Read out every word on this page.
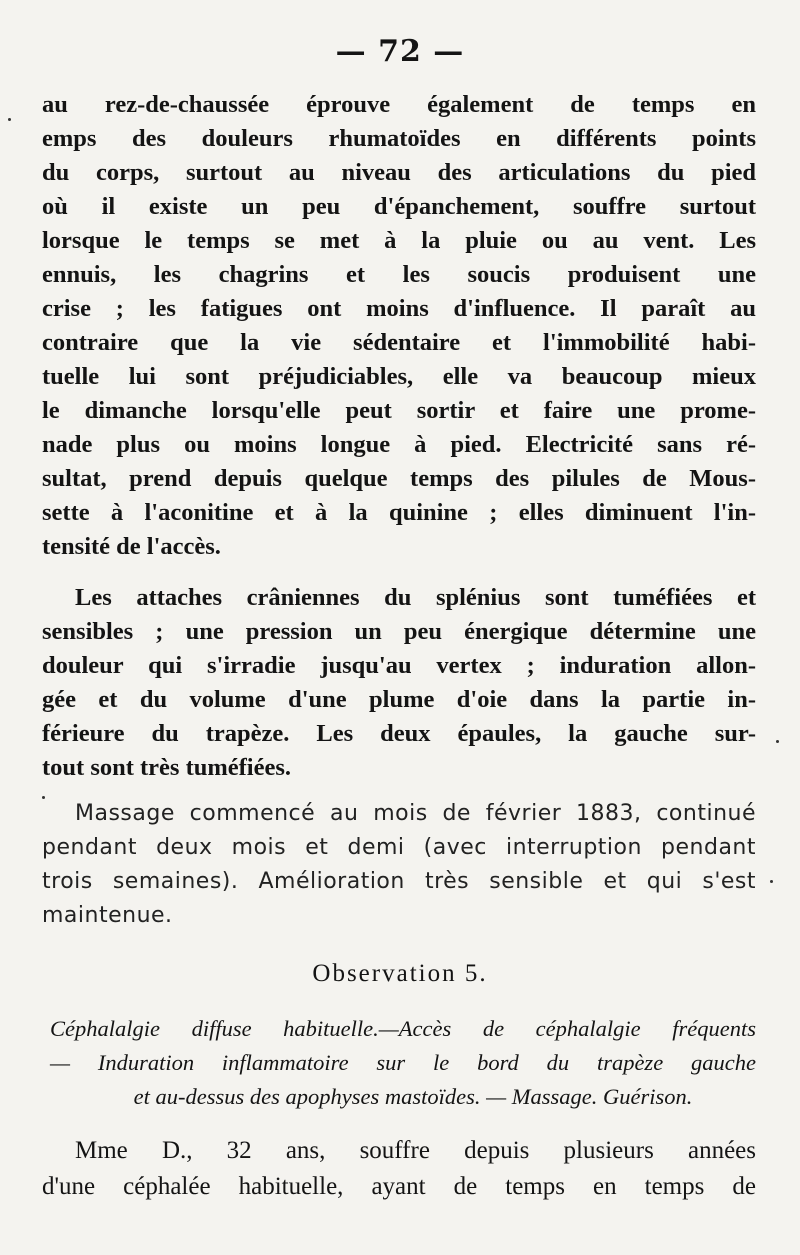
— 72 —
au rez-de-chaussée éprouve également de temps en
emps des douleurs rhumatoïdes en différents points
du corps, surtout au niveau des articulations du pied
où il existe un peu d'épanchement, souffre surtout
lorsque le temps se met à la pluie ou au vent. Les
ennuis, les chagrins et les soucis produisent une
crise ; les fatigues ont moins d'influence. Il paraît au
contraire que la vie sédentaire et l'immobilité habi-
tuelle lui sont préjudiciables, elle va beaucoup mieux
le dimanche lorsqu'elle peut sortir et faire une prome-
nade plus ou moins longue à pied. Electricité sans ré-
sultat, prend depuis quelque temps des pilules de Mous-
sette à l'aconitine et à la quinine ; elles diminuent l'in-
tensité de l'accès.
Les attaches crâniennes du splénius sont tuméfiées et
sensibles ; une pression un peu énergique détermine une
douleur qui s'irradie jusqu'au vertex ; induration allon-
gée et du volume d'une plume d'oie dans la partie in-
férieure du trapèze. Les deux épaules, la gauche sur-
tout sont très tuméfiées.
Massage commencé au mois de février 1883, continué
pendant deux mois et demi (avec interruption pendant
trois semaines). Amélioration très sensible et qui s'est
maintenue.
Observation 5.
Céphalalgie diffuse habituelle.—Accès de céphalalgie fréquents
— Induration inflammatoire sur le bord du trapèze gauche
et au-dessus des apophyses mastoïdes. — Massage. Guérison.
Mme D., 32 ans, souffre depuis plusieurs années
d'une céphalée habituelle, ayant de temps en temps de
